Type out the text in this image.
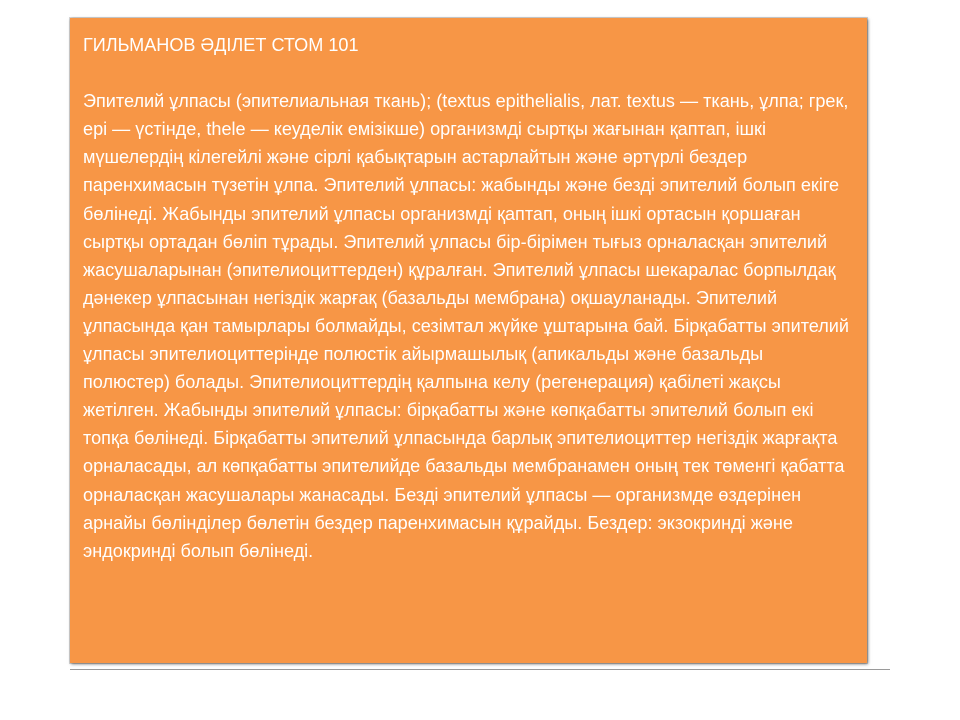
ГИЛЬМАНОВ ӘДІЛЕТ СТОМ 101

Эпителий ұлпасы (эпителиальная ткань); (textus epithelialis, лат. textus — ткань, ұлпа; грек, epi — үстінде, thele — кеуделік емізікше) организмді сыртқы жағынан қаптап, ішкі мүшелердің кілегейлі және сірлі қабықтарын астарлайтын және әртүрлі бездер паренхимасын түзетін ұлпа. Эпителий ұлпасы: жабынды және безді эпителий болып екіге бөлінеді. Жабынды эпителий ұлпасы организмді қаптап, оның ішкі ортасын қоршаған сыртқы ортадан бөліп тұрады. Эпителий ұлпасы бір-бірімен тығыз орналасқан эпителий жасушаларынан (эпителиоциттерден) құралған. Эпителий ұлпасы шекаралас борпылдақ дәнекер ұлпасынан негіздік жарғақ (базальды мембрана) оқшауланады. Эпителий ұлпасында қан тамырлары болмайды, сезімтал жүйке ұштарына бай. Бірқабатты эпителий ұлпасы эпителиоциттерінде полюстік айырмашылық (апикальды және базальды полюстер) болады. Эпителиоциттердің қалпына келу (регенерация) қабілеті жақсы жетілген. Жабынды эпителий ұлпасы: бірқабатты және көпқабатты эпителий болып екі топқа бөлінеді. Бірқабатты эпителий ұлпасында барлық эпителиоциттер негіздік жарғақта орналасады, ал көпқабатты эпителийде базальды мембранамен оның тек төменгі қабатта орналасқан жасушалары жанасады. Безді эпителий ұлпасы — организмде өздерінен арнайы бөлінділер бөлетін бездер паренхимасын құрайды. Бездер: экзокринді және эндокринді болып бөлінеді.
